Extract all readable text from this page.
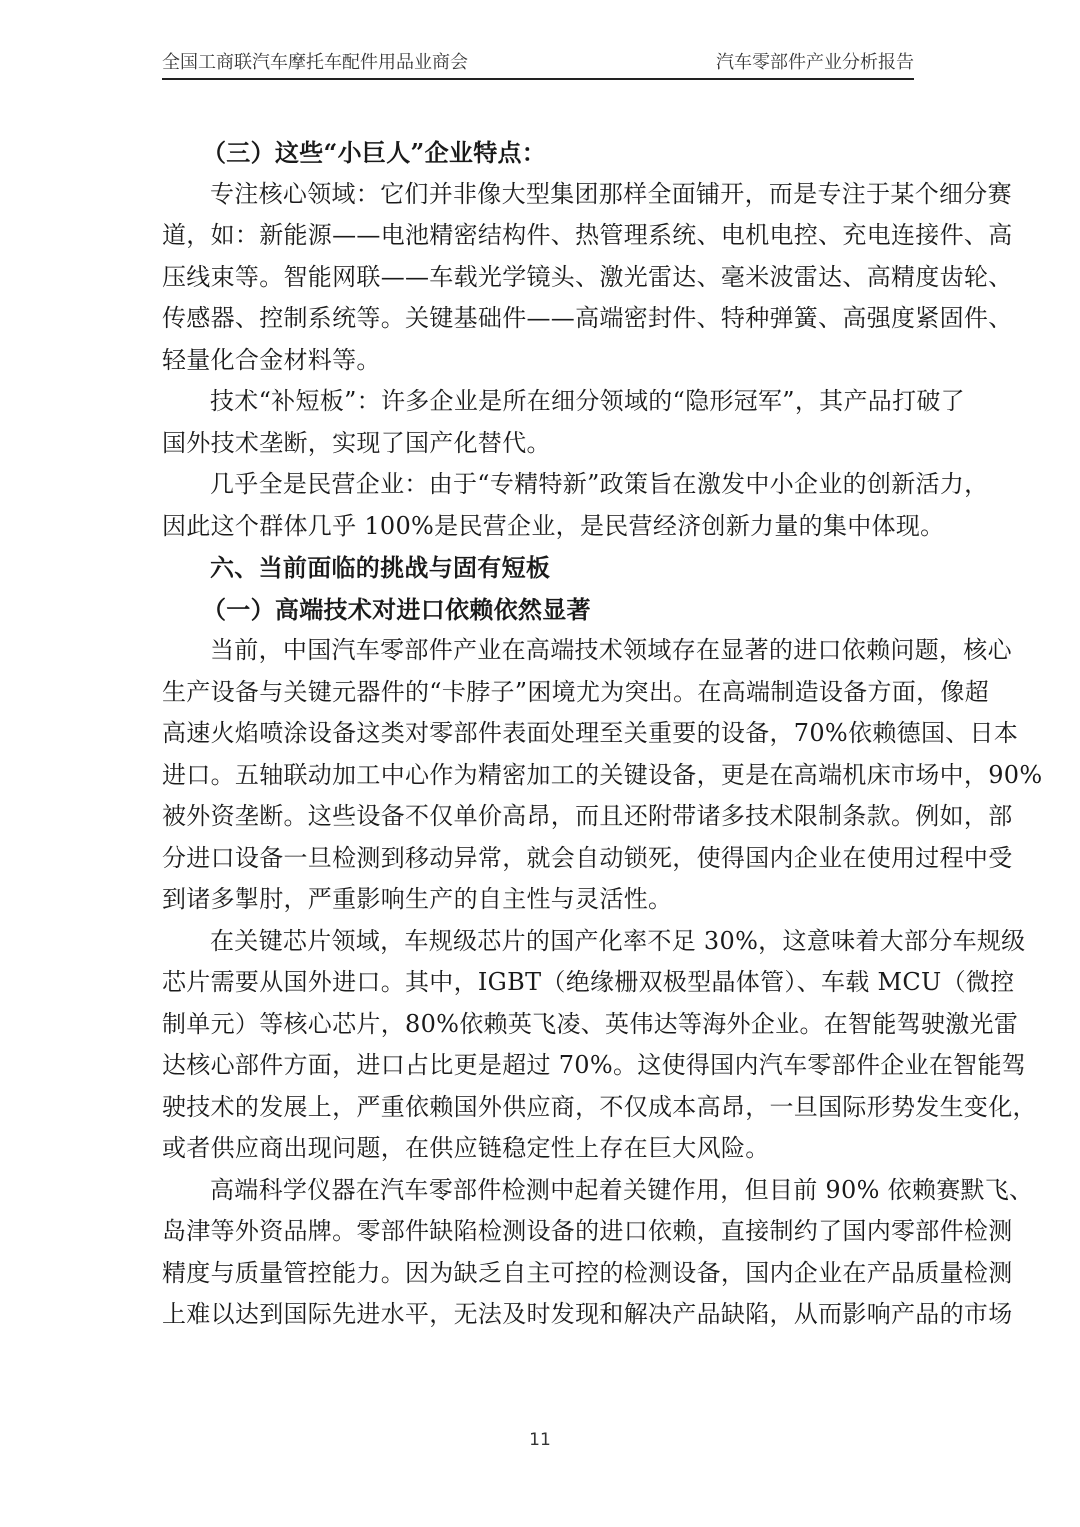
全国工商联汽车摩托车配件用品业商会	汽车零部件产业分析报告
（三）这些“小巨人”企业特点：
专注核心领域：它们并非像大型集团那样全面铺开，而是专注于某个细分赛
道，如：新能源——电池精密结构件、热管理系统、电机电控、充电连接件、高
压线束等。智能网联——车载光学镜头、激光雷达、毫米波雷达、高精度齿轮、
传感器、控制系统等。关键基础件——高端密封件、特种弹簧、高强度紧固件、
轻量化合金材料等。
技术“补短板”：许多企业是所在细分领域的“隐形冠军”，其产品打破了
国外技术垄断，实现了国产化替代。
几乎全是民营企业：由于“专精特新”政策旨在激发中小企业的创新活力，
因此这个群体几乎 100%是民营企业，是民营经济创新力量的集中体现。
六、当前面临的挑战与固有短板
（一）高端技术对进口依赖依然显著
当前，中国汽车零部件产业在高端技术领域存在显著的进口依赖问题，核心
生产设备与关键元器件的“卡脖子”困境尤为突出。在高端制造设备方面，像超
高速火焰喷涂设备这类对零部件表面处理至关重要的设备，70%依赖德国、日本
进口。五轴联动加工中心作为精密加工的关键设备，更是在高端机床市场中，90%
被外资垄断。这些设备不仅单价高昂，而且还附带诸多技术限制条款。例如，部
分进口设备一旦检测到移动异常，就会自动锁死，使得国内企业在使用过程中受
到诸多掣肘，严重影响生产的自主性与灵活性。
在关键芯片领域，车规级芯片的国产化率不足 30%，这意味着大部分车规级
芯片需要从国外进口。其中，IGBT（绝缘栅双极型晶体管）、车载 MCU（微控
制单元）等核心芯片，80%依赖英飞凌、英伟达等海外企业。在智能驾驶激光雷
达核心部件方面，进口占比更是超过 70%。这使得国内汽车零部件企业在智能驾
驶技术的发展上，严重依赖国外供应商，不仅成本高昂，一旦国际形势发生变化，
或者供应商出现问题，在供应链稳定性上存在巨大风险。
高端科学仪器在汽车零部件检测中起着关键作用，但目前 90% 依赖赛默飞、
岛津等外资品牌。零部件缺陷检测设备的进口依赖，直接制约了国内零部件检测
精度与质量管控能力。因为缺乏自主可控的检测设备，国内企业在产品质量检测
上难以达到国际先进水平，无法及时发现和解决产品缺陷，从而影响产品的市场
11
